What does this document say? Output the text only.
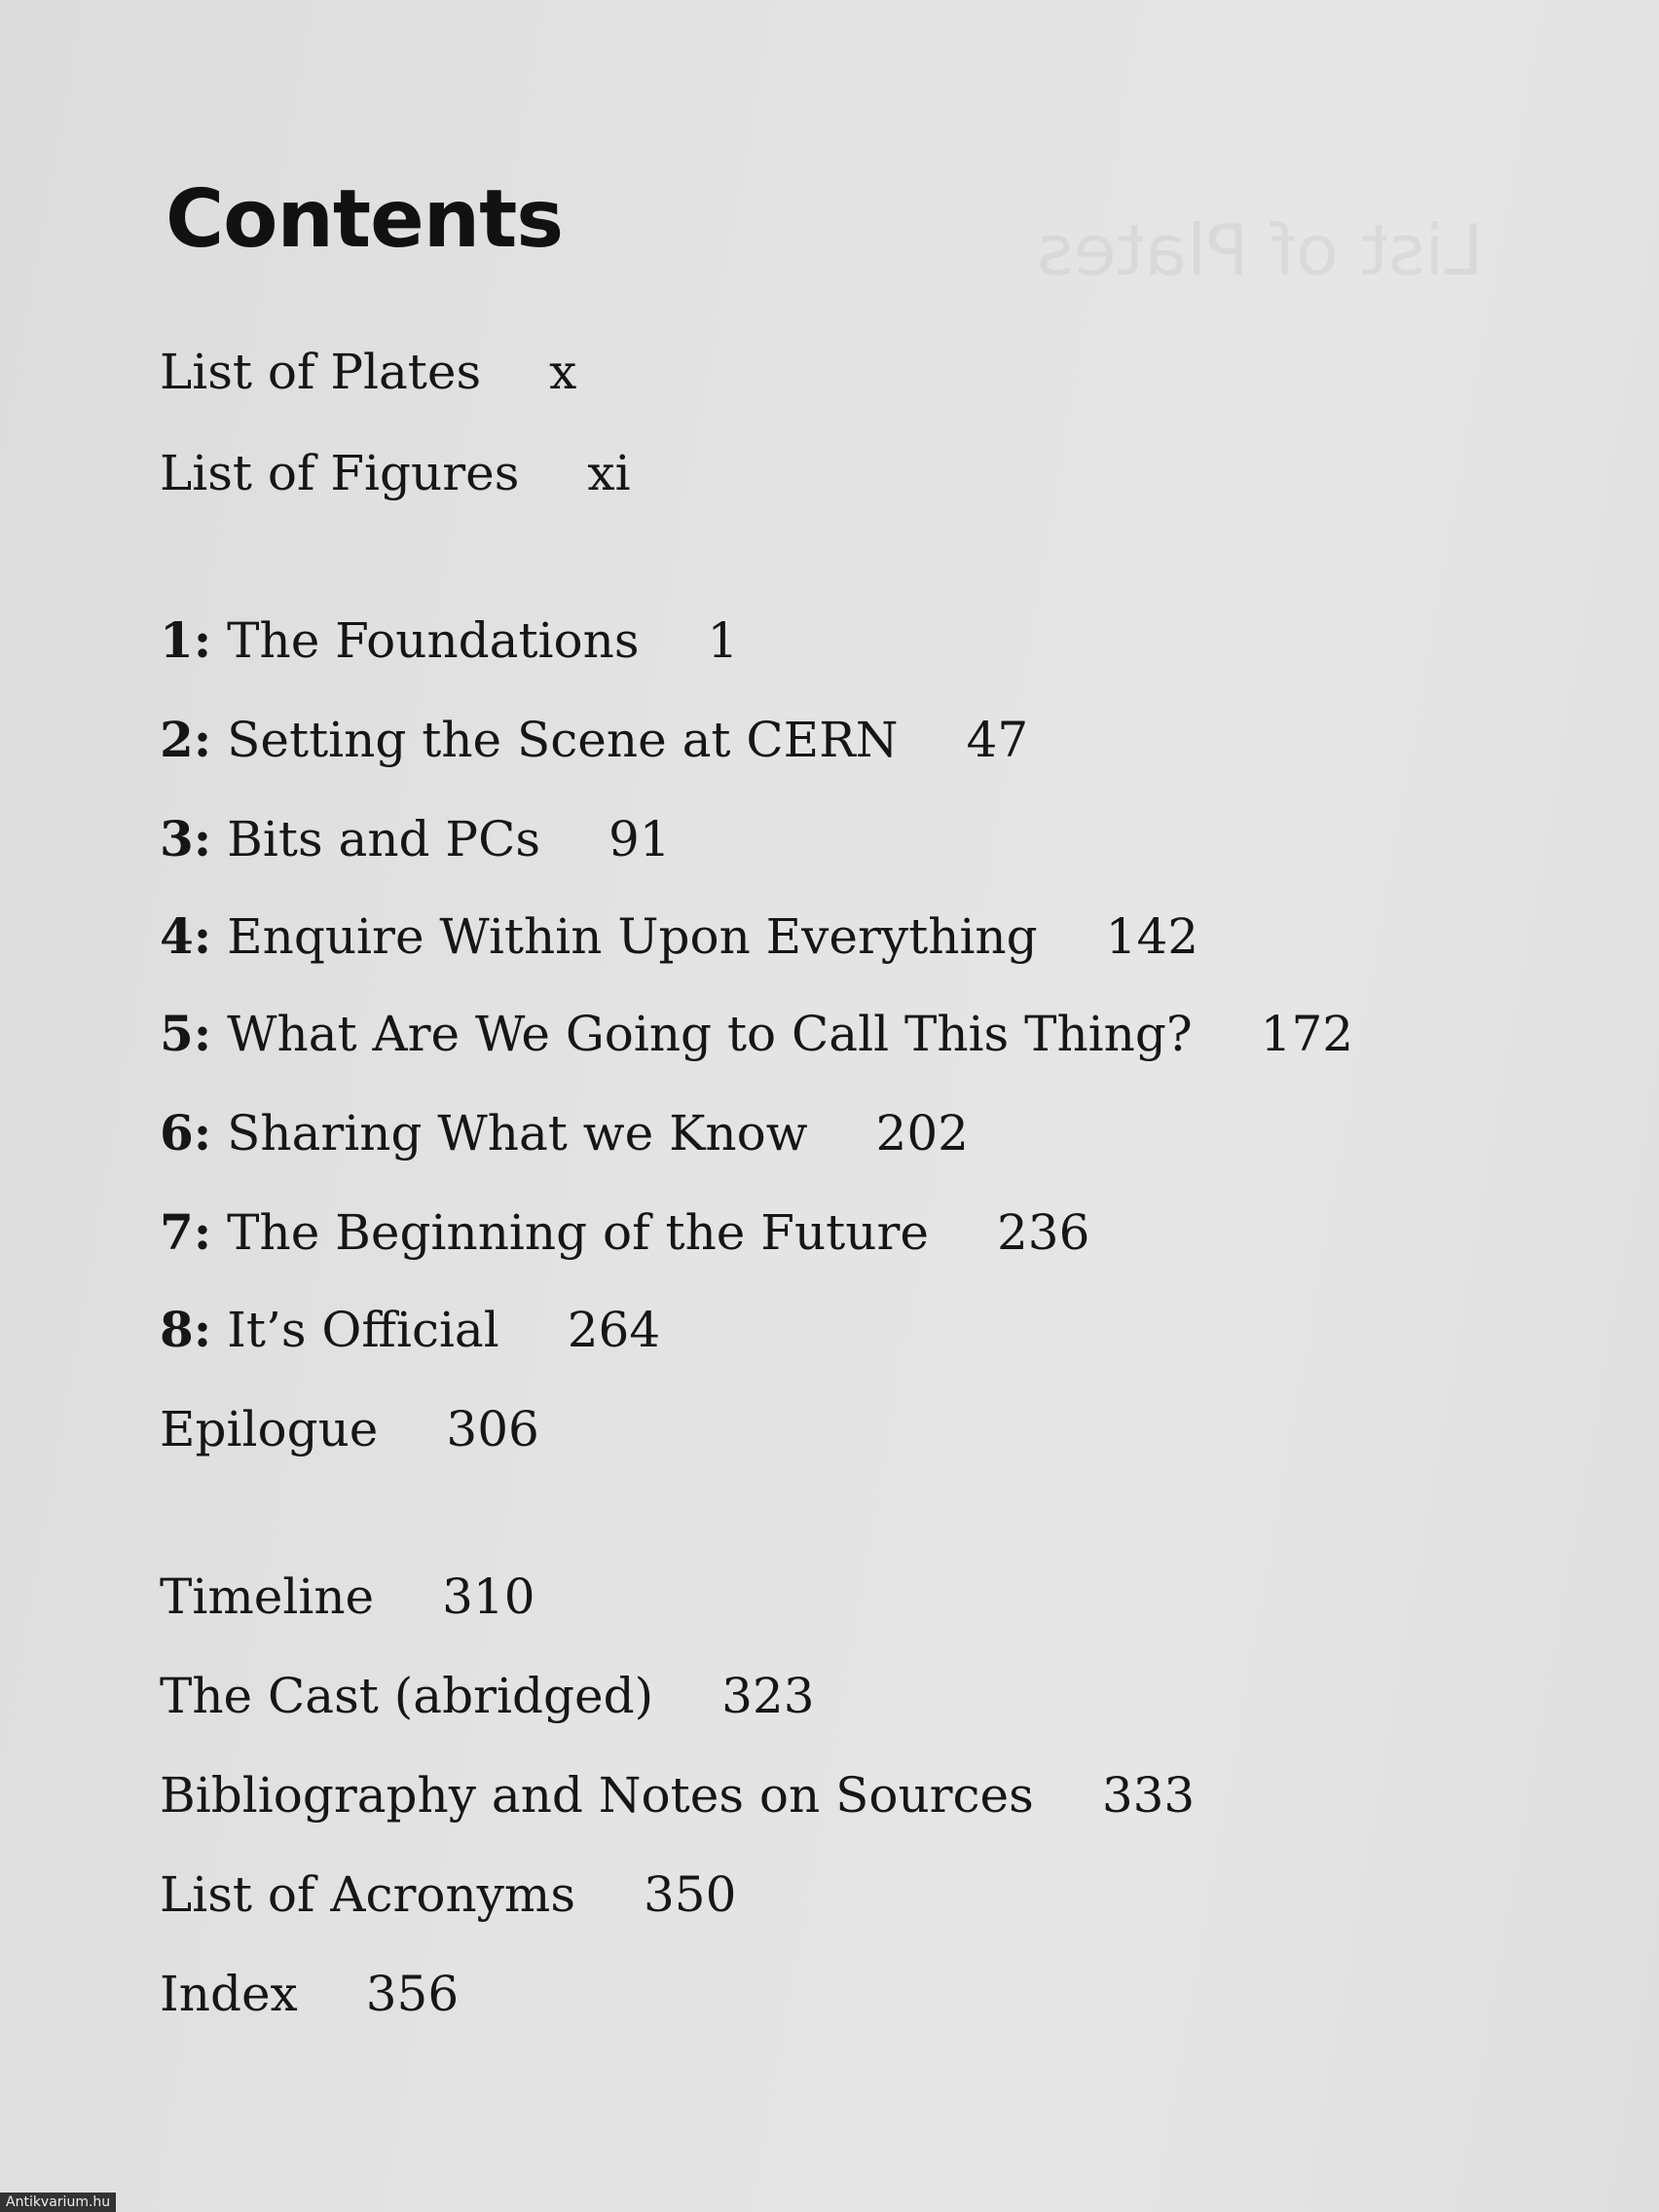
List of Plates
Contents
List of Plates x
List of Figures xi
1: The Foundations 1
2: Setting the Scene at CERN 47
3: Bits and PCs 91
4: Enquire Within Upon Everything 142
5: What Are We Going to Call This Thing? 172
6: Sharing What we Know 202
7: The Beginning of the Future 236
8: It’s Official 264
Epilogue 306
Timeline 310
The Cast (abridged) 323
Bibliography and Notes on Sources 333
List of Acronyms 350
Index 356
Antikvarium.hu
